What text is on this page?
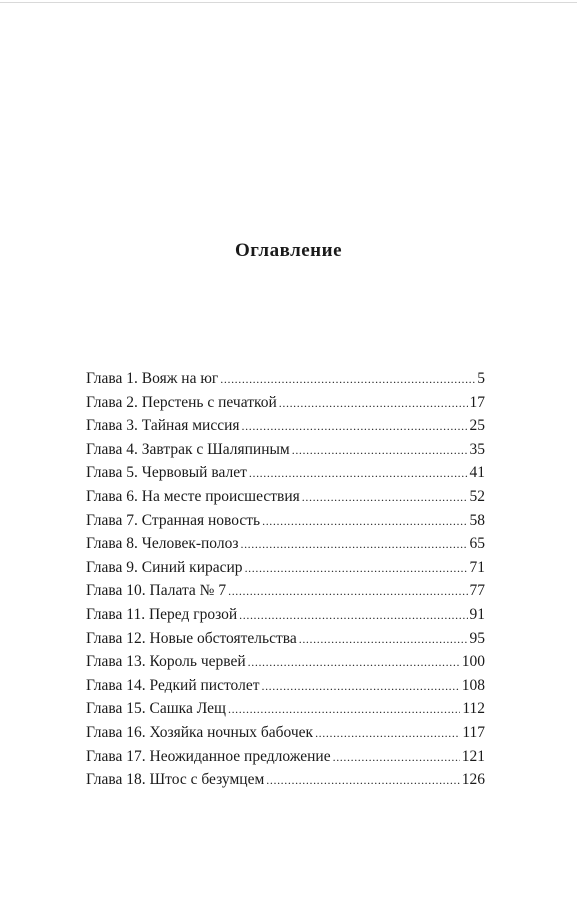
Оглавление
Глава 1. Вояж на юг .....	5
Глава 2. Перстень с печаткой .....	17
Глава 3. Тайная миссия .....	25
Глава 4. Завтрак с Шаляпиным .....	35
Глава 5. Червовый валет .....	41
Глава 6. На месте происшествия .....	52
Глава 7. Странная новость .....	58
Глава 8. Человек-полоз .....	65
Глава 9. Синий кирасир .....	71
Глава 10. Палата № 7 .....	77
Глава 11. Перед грозой .....	91
Глава 12. Новые обстоятельства .....	95
Глава 13. Король червей .....	100
Глава 14. Редкий пистолет .....	108
Глава 15. Сашка Лещ .....	112
Глава 16. Хозяйка ночных бабочек .....	117
Глава 17. Неожиданное предложение .....	121
Глава 18. Штос с безумцем .....	126
